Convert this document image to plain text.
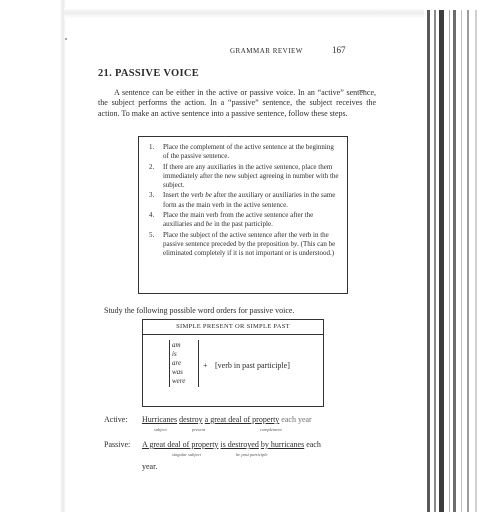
GRAMMAR REVIEW	167
21. PASSIVE VOICE
A sentence can be either in the active or passive voice. In an “active” sentence, the subject performs the action. In a “passive” sentence, the subject receives the action. To make an active sentence into a passive sentence, follow these steps.
1. Place the complement of the active sentence at the beginning of the passive sentence.
2. If there are any auxiliaries in the active sentence, place them immediately after the new subject agreeing in number with the subject.
3. Insert the verb be after the auxiliary or auxiliaries in the same form as the main verb in the active sentence.
4. Place the main verb from the active sentence after the auxiliaries and be in the past participle.
5. Place the subject of the active sentence after the verb in the passive sentence preceded by the preposition by. (This can be eliminated completely if it is not important or is understood.)
Study the following possible word orders for passive voice.
SIMPLE PRESENT OR SIMPLE PAST
am
is
are
was
were
+ [verb in past participle]
Active: Hurricanes destroy a great deal of property each year
subject	present	complement
Passive: A great deal of property is destroyed by hurricanes each
singular subject	be past participle
year.
